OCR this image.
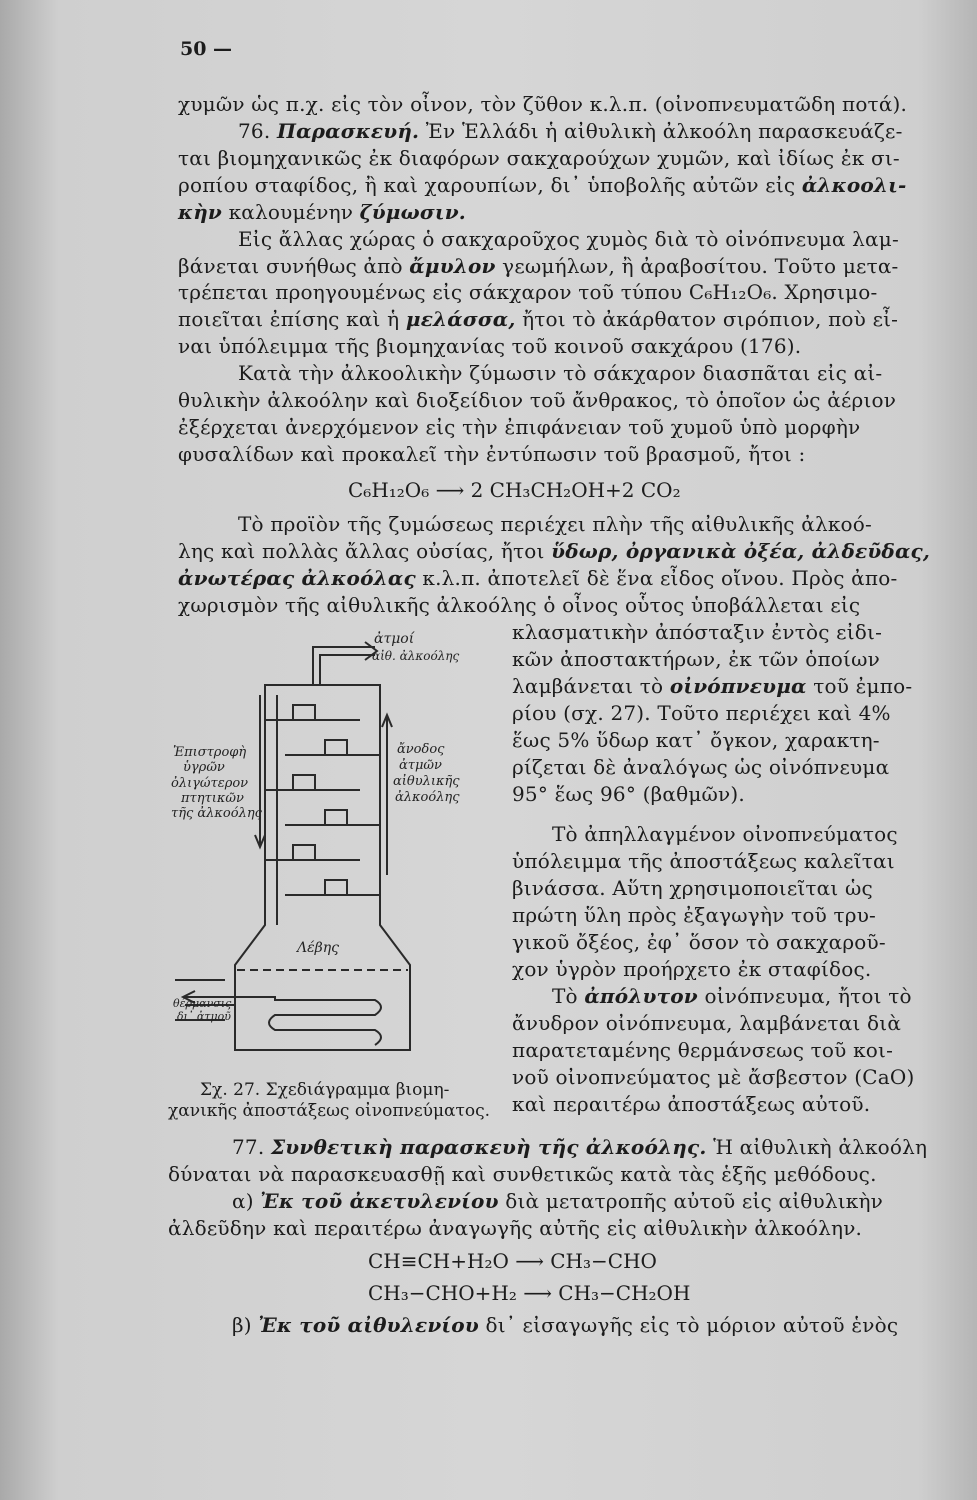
50 —
χυμῶν ὡς π.χ. εἰς τὸν οἶνον, τὸν ζῦθον κ.λ.π. (οἰνοπνευματῶδη ποτά).
76. Παρασκευή. Ἐν Ἑλλάδι ἡ αἰθυλικὴ ἀλκοόλη παρασκευάζε-
ται βιομηχανικῶς ἐκ διαφόρων σακχαρούχων χυμῶν, καὶ ἰδίως ἐκ σι-
ροπίου σταφίδος, ἢ καὶ χαρουπίων, δι᾽ ὑποβολῆς αὐτῶν εἰς ἀλκοολι-
κὴν καλουμένην ζύμωσιν.
Εἰς ἄλλας χώρας ὁ σακχαροῦχος χυμὸς διὰ τὸ οἰνόπνευμα λαμ-
βάνεται συνήθως ἀπὸ ἄμυλον γεωμήλων, ἢ ἀραβοσίτου. Τοῦτο μετα-
τρέπεται προηγουμένως εἰς σάκχαρον τοῦ τύπου C₆H₁₂O₆. Χρησιμο-
ποιεῖται ἐπίσης καὶ ἡ μελάσσα, ἤτοι τὸ ἀκάρθατον σιρόπιον, ποὺ εἶ-
ναι ὑπόλειμμα τῆς βιομηχανίας τοῦ κοινοῦ σακχάρου (176).
Κατὰ τὴν ἀλκοολικὴν ζύμωσιν τὸ σάκχαρον διασπᾶται εἰς αἰ-
θυλικὴν ἀλκοόλην καὶ διοξείδιον τοῦ ἄνθρακος, τὸ ὁποῖον ὡς ἀέριον
ἐξέρχεται ἀνερχόμενον εἰς τὴν ἐπιφάνειαν τοῦ χυμοῦ ὑπὸ μορφὴν
φυσαλίδων καὶ προκαλεῖ τὴν ἐντύπωσιν τοῦ βρασμοῦ, ἤτοι :
C₆H₁₂O₆ ⟶ 2 CH₃CH₂OH+2 CO₂
Τὸ προϊὸν τῆς ζυμώσεως περιέχει πλὴν τῆς αἰθυλικῆς ἀλκοό-
λης καὶ πολλὰς ἄλλας οὐσίας, ἤτοι ὕδωρ, ὀργανικὰ ὀξέα, ἀλδεῦδας,
ἀνωτέρας ἀλκοόλας κ.λ.π. ἀποτελεῖ δὲ ἕνα εἶδος οἴνου. Πρὸς ἀπο-
χωρισμὸν τῆς αἰθυλικῆς ἀλκοόλης ὁ οἶνος οὗτος ὑποβάλλεται εἰς
κλασματικὴν ἀπόσταξιν ἐντὸς εἰδι-
κῶν ἀποστακτήρων, ἐκ τῶν ὁποίων
λαμβάνεται τὸ οἰνόπνευμα τοῦ ἐμπο-
ρίου (σχ. 27). Τοῦτο περιέχει καὶ 4%
ἕως 5% ὕδωρ κατ᾽ ὄγκον, χαρακτη-
ρίζεται δὲ ἀναλόγως ὡς οἰνόπνευμα
95° ἕως 96° (βαθμῶν).
Τὸ ἀπηλλαγμένον οἰνοπνεύματος
ὑπόλειμμα τῆς ἀποστάξεως καλεῖται
βινάσσα. Αὕτη χρησιμοποιεῖται ὡς
πρώτη ὕλη πρὸς ἐξαγωγὴν τοῦ τρυ-
γικοῦ ὄξέος, ἐφ᾽ ὅσον τὸ σακχαροῦ-
χον ὑγρὸν προήρχετο ἐκ σταφίδος.
Τὸ ἀπόλυτον οἰνόπνευμα, ἤτοι τὸ
ἄνυδρον οἰνόπνευμα, λαμβάνεται διὰ
παρατεταμένης θερμάνσεως τοῦ κοι-
νοῦ οἰνοπνεύματος μὲ ἄσβεστον (CaO)
καὶ περαιτέρω ἀποστάξεως αὐτοῦ.
ἀτμοί
αἰθ. ἀλκοόλης
Ἐπιστροφὴ
ὑγρῶν
ὀλιγώτερον
πτητικῶν
τῆς ἀλκοόλης
ἄνοδος
ἀτμῶν
αἰθυλικῆς
ἀλκοόλης
Λέβης
θέρμανσις
δι᾽ ἀτμοῦ
Σχ. 27. Σχεδιάγραμμα βιομη-
χανικῆς ἀποστάξεως οἰνοπνεύματος.
77. Συνθετικὴ παρασκευὴ τῆς ἀλκοόλης. Ἡ αἰθυλικὴ ἀλκοόλη
δύναται νὰ παρασκευασθῇ καὶ συνθετικῶς κατὰ τὰς ἑξῆς μεθόδους.
α) Ἐκ τοῦ ἀκετυλενίου διὰ μετατροπῆς αὐτοῦ εἰς αἰθυλικὴν
ἀλδεῦδην καὶ περαιτέρω ἀναγωγῆς αὐτῆς εἰς αἰθυλικὴν ἀλκοόλην.
CH≡CH+H₂O ⟶ CH₃−CHO
CH₃−CHO+H₂ ⟶ CH₃−CH₂OH
β) Ἐκ τοῦ αἰθυλενίου δι᾽ εἰσαγωγῆς εἰς τὸ μόριον αὐτοῦ ἑνὸς
